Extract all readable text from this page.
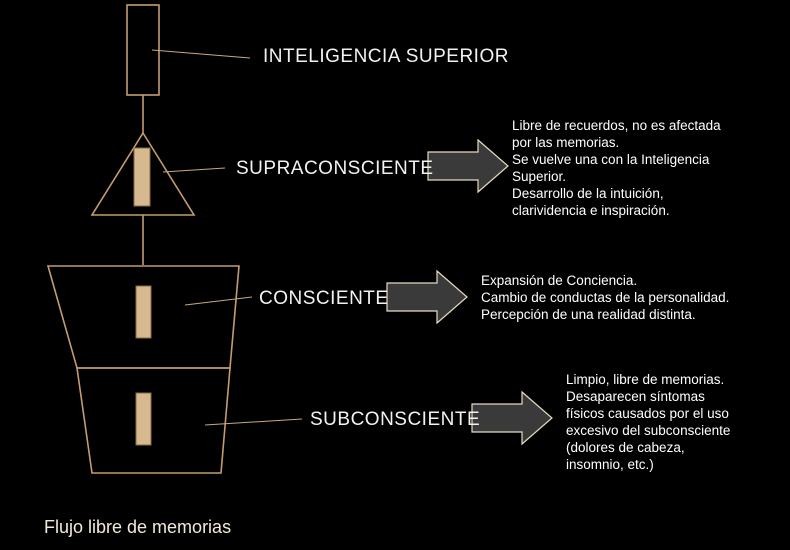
INTELIGENCIA SUPERIOR
SUPRACONSCIENTE
CONSCIENTE
SUBCONSCIENTE
Libre de recuerdos, no es afectada
por las memorias.
Se vuelve una con la Inteligencia
Superior.
Desarrollo de la intuición,
clarividencia e inspiración.
Expansión de Conciencia.
Cambio de conductas de la personalidad.
Percepción de una realidad distinta.
Limpio, libre de memorias.
Desaparecen síntomas
físicos causados por el uso
excesivo del subconsciente
(dolores de cabeza,
insomnio, etc.)
Flujo libre de memorias
